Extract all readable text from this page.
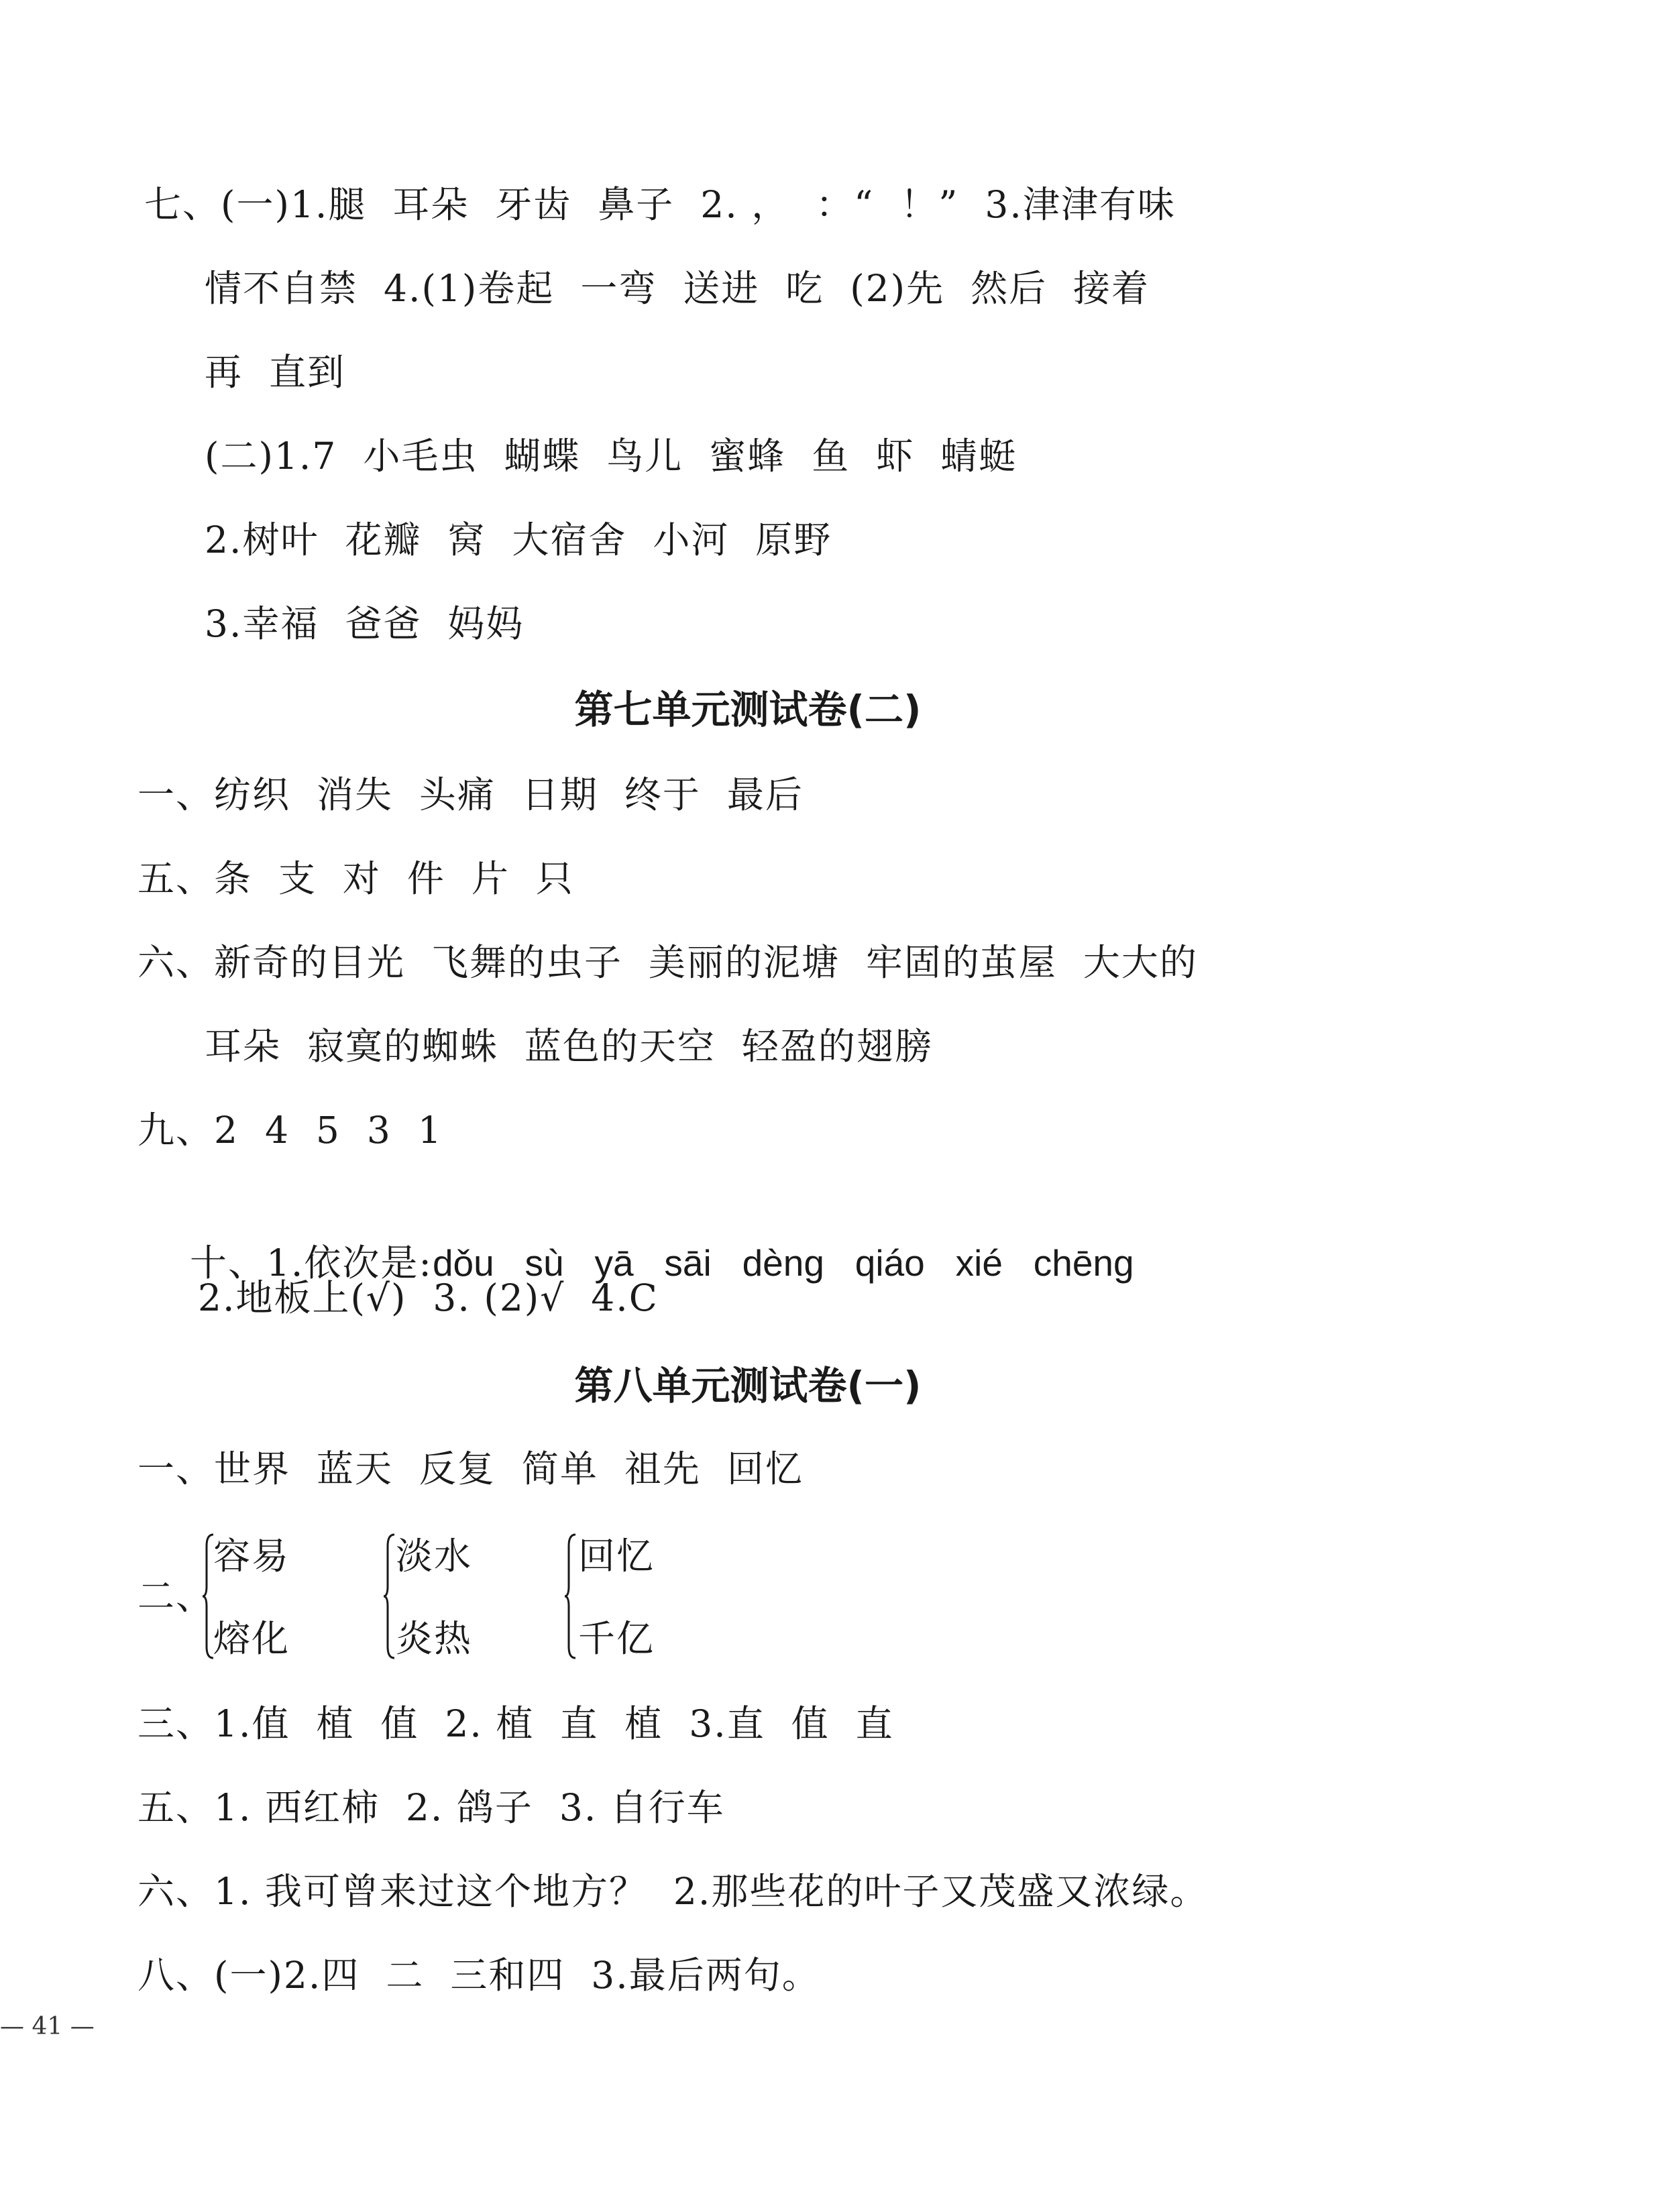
七、(一)1.腿  耳朵  牙齿  鼻子  2. ，  ：“  ！”  3.津津有味
情不自禁  4.(1)卷起  一弯  送进  吃  (2)先  然后  接着
再  直到
(二)1.7  小毛虫  蝴蝶  鸟儿  蜜蜂  鱼  虾  蜻蜓
2.树叶  花瓣  窝  大宿舍  小河  原野
3.幸福  爸爸  妈妈
第七单元测试卷(二)
一、纺织  消失  头痛  日期  终于  最后
五、条  支  对  件  片  只
六、新奇的目光  飞舞的虫子  美丽的泥塘  牢固的茧屋  大大的
耳朵  寂寞的蜘蛛  蓝色的天空  轻盈的翅膀
九、2  4  5  3  1

十、1.依次是:dǒu   sù   yā   sāi   dèng   qiáo   xié   chēng

2.地板上(√)  3. (2)√  4.C
第八单元测试卷(一)
一、世界  蓝天  反复  简单  祖先  回忆
二、
容易
熔化
淡水
炎热
回忆
千亿
三、1.值  植  值  2. 植  直  植  3.直  值  直
五、1. 西红柿  2. 鸽子  3. 自行车
六、1. 我可曾来过这个地方？  2.那些花的叶子又茂盛又浓绿。
八、(一)2.四  二  三和四  3.最后两句。
— 41 —
